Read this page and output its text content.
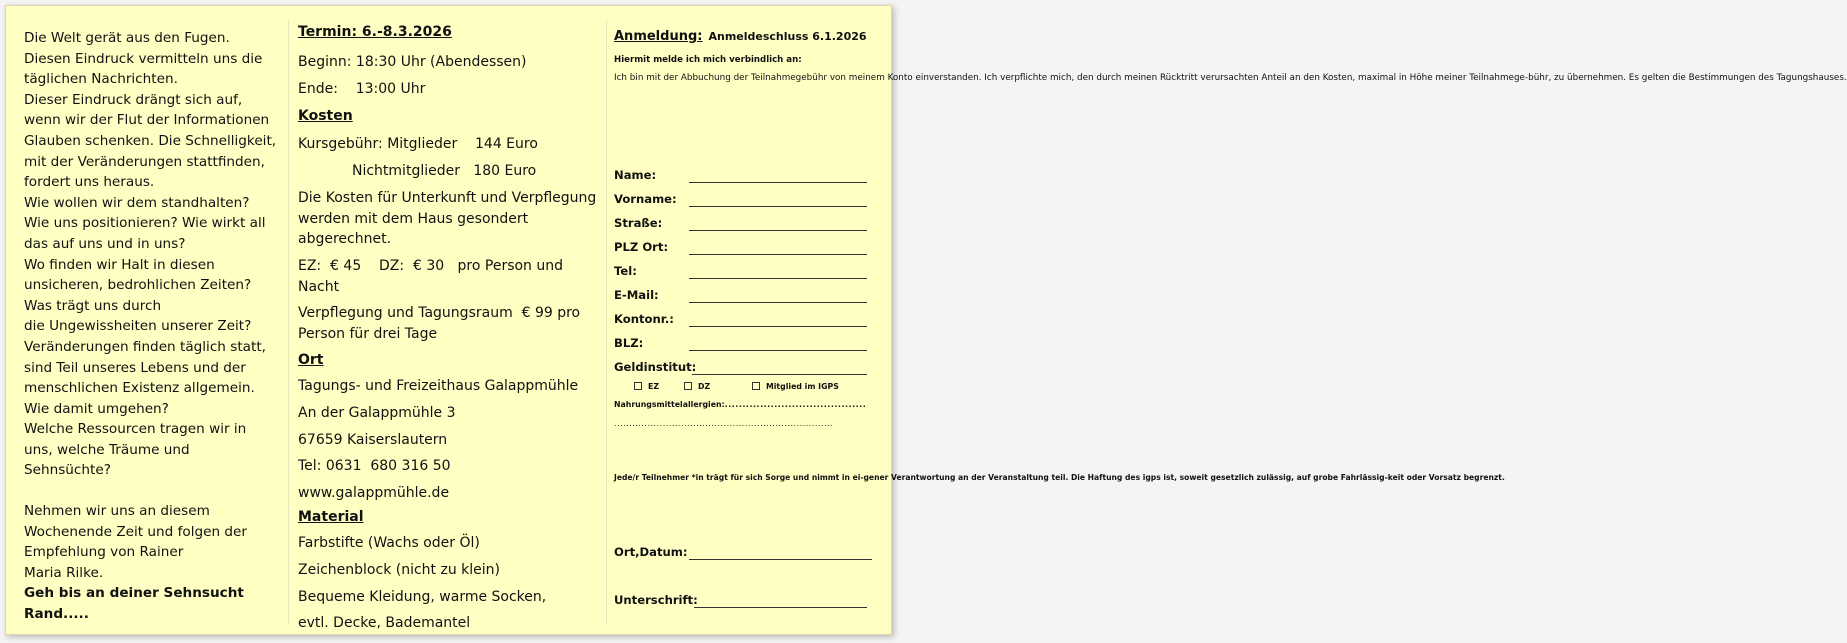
Die Welt gerät aus den Fugen.
Diesen Eindruck vermitteln uns die
täglichen Nachrichten.
Dieser Eindruck drängt sich auf,
wenn wir der Flut der Informationen
Glauben schenken. Die Schnelligkeit,
mit der Veränderungen stattfinden,
fordert uns heraus.
Wie wollen wir dem standhalten?
Wie uns positionieren? Wie wirkt all
das auf uns und in uns?
Wo finden wir Halt in diesen
unsicheren, bedrohlichen Zeiten?
Was trägt uns durch
die Ungewissheiten unserer Zeit?
Veränderungen finden täglich statt,
sind Teil unseres Lebens und der
menschlichen Existenz allgemein.
Wie damit umgehen?
Welche Ressourcen tragen wir in
uns, welche Träume und
Sehnsüchte?
Nehmen wir uns an diesem
Wochenende Zeit und folgen der
Empfehlung von Rainer
Maria Rilke.
Geh bis an deiner Sehnsucht
Rand.....
Termin: 6.-8.3.2026
Beginn: 18:30 Uhr (Abendessen)
Ende:    13:00 Uhr
Kosten
Kursgebühr: Mitglieder    144 Euro
Nichtmitglieder   180 Euro
Die Kosten für Unterkunft und Verpflegung werden mit dem Haus gesondert abgerechnet.
EZ:  € 45    DZ:  € 30   pro Person und Nacht
Verpflegung und Tagungsraum  € 99 pro Person für drei Tage
Ort
Tagungs- und Freizeithaus Galappmühle
An der Galappmühle 3
67659 Kaiserslautern
Tel: 0631  680 316 50
www.galappmühle.de
Material
Farbstifte (Wachs oder Öl)
Zeichenblock (nicht zu klein)
Bequeme Kleidung, warme Socken,
evtl. Decke, Bademantel
Anmeldung: Anmeldeschluss 6.1.2026
Hiermit melde ich mich verbindlich an:
Ich bin mit der Abbuchung der Teilnahmegebühr von meinem Konto einverstanden. Ich verpflichte mich, den durch meinen Rücktritt verursachten Anteil an den Kosten, maximal in Höhe meiner Teilnahmege-bühr, zu übernehmen. Es gelten die Bestimmungen des Tagungshauses.
Name:
Vorname:
Straße:
PLZ Ort:
Tel:
E-Mail:
Kontonr.:
BLZ:
Geldinstitut:
EZ	DZ	Mitglied im IGPS
Nahrungsmittelallergien:........................................
........................................................................
Jede/r Teilnehmer *in trägt für sich Sorge und nimmt in ei-gener Verantwortung an der Veranstaltung teil. Die Haftung des igps ist, soweit gesetzlich zulässig, auf grobe Fahrlässig-keit oder Vorsatz begrenzt.
Ort,Datum:
Unterschrift:
